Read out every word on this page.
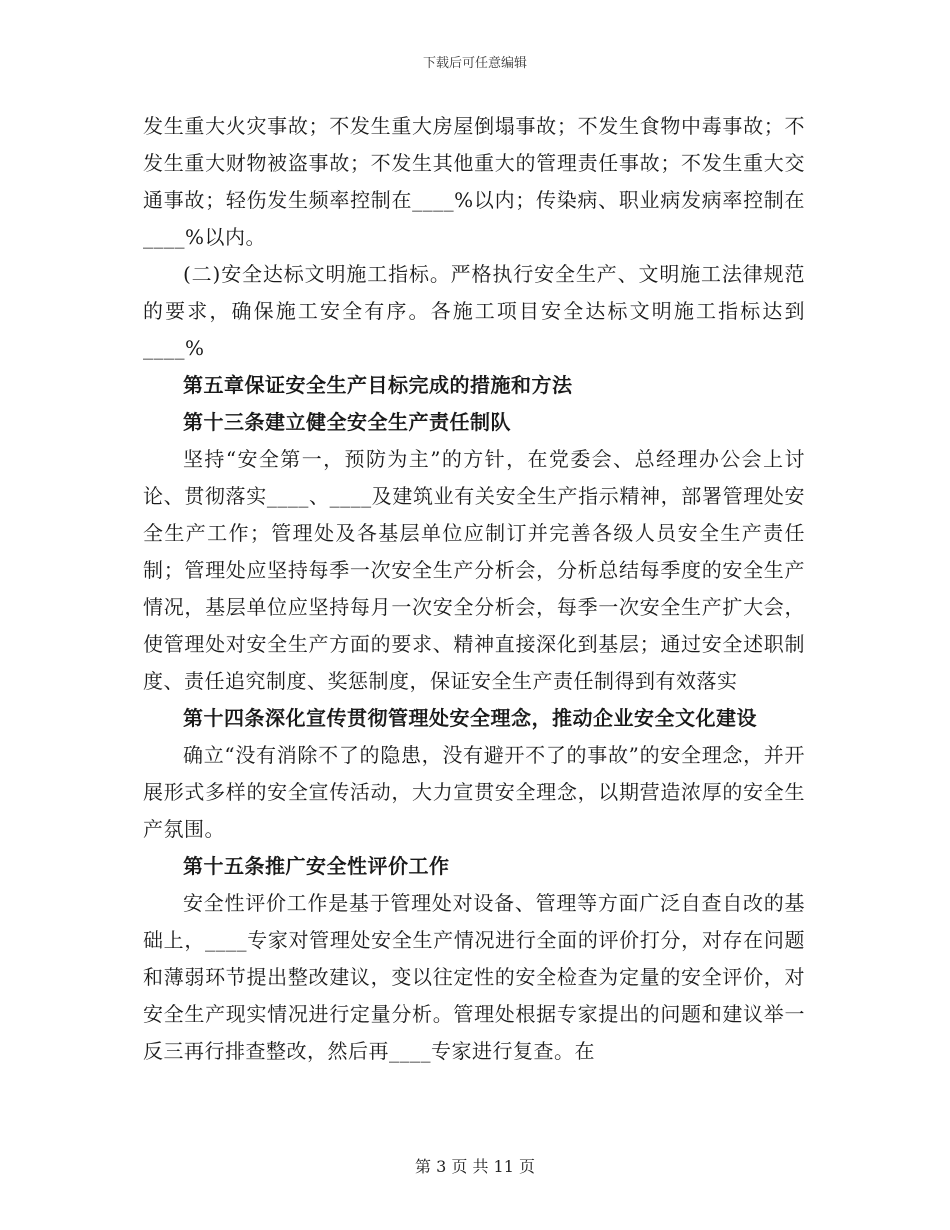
下载后可任意编辑

发生重大火灾事故；不发生重大房屋倒塌事故；不发生食物中毒事故；不发生重大财物被盗事故；不发生其他重大的管理责任事故；不发生重大交通事故；轻伤发生频率控制在____%以内；传染病、职业病发病率控制在____%以内。

(二)安全达标文明施工指标。严格执行安全生产、文明施工法律规范的要求，确保施工安全有序。各施工项目安全达标文明施工指标达到____%

第五章保证安全生产目标完成的措施和方法

第十三条建立健全安全生产责任制队

坚持“安全第一，预防为主”的方针，在党委会、总经理办公会上讨论、贯彻落实____、____及建筑业有关安全生产指示精神，部署管理处安全生产工作；管理处及各基层单位应制订并完善各级人员安全生产责任制；管理处应坚持每季一次安全生产分析会，分析总结每季度的安全生产情况，基层单位应坚持每月一次安全分析会，每季一次安全生产扩大会，使管理处对安全生产方面的要求、精神直接深化到基层；通过安全述职制度、责任追究制度、奖惩制度，保证安全生产责任制得到有效落实

第十四条深化宣传贯彻管理处安全理念，推动企业安全文化建设

确立“没有消除不了的隐患，没有避开不了的事故”的安全理念，并开展形式多样的安全宣传活动，大力宣贯安全理念，以期营造浓厚的安全生产氛围。

第十五条推广安全性评价工作

安全性评价工作是基于管理处对设备、管理等方面广泛自查自改的基础上，____专家对管理处安全生产情况进行全面的评价打分，对存在问题和薄弱环节提出整改建议，变以往定性的安全检查为定量的安全评价，对安全生产现实情况进行定量分析。管理处根据专家提出的问题和建议举一反三再行排查整改，然后再____专家进行复查。在

第 3 页 共 11 页
